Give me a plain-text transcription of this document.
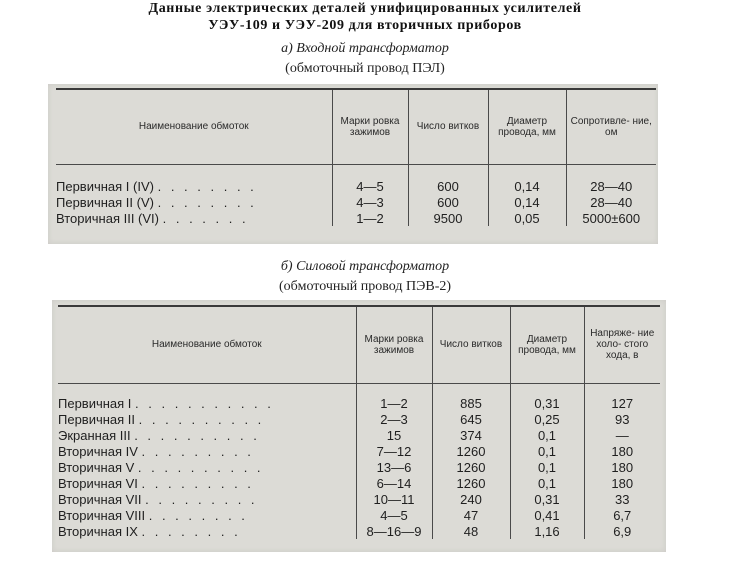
Данные электрических деталей унифицированных усилителей
УЭУ-109 и УЭУ-209 для вторичных приборов
а) Входной трансформатор
(обмоточный провод ПЭЛ)
Наименование обмоток	Марки ровка зажимов	Число витков	Диаметр провода, мм	Сопротивле- ние, ом

Первичная I (IV) . . . . . . . .	4—5	600	0,14	28—40
Первичная II (V) . . . . . . . .	4—3	600	0,14	28—40
Вторичная III (VI) . . . . . . .	1—2	9500	0,05	5000±600
б) Силовой трансформатор
(обмоточный провод ПЭВ-2)
Наименование обмоток	Марки ровка зажимов	Число витков	Диаметр провода, мм	Напряже- ние холо- стого хода, в

Первичная I . . . . . . . . . . .	1—2	885	0,31	127
Первичная II . . . . . . . . . .	2—3	645	0,25	93
Экранная III . . . . . . . . . .	15	374	0,1	—
Вторичная IV . . . . . . . . .	7—12	1260	0,1	180
Вторичная V . . . . . . . . . .	13—6	1260	0,1	180
Вторичная VI . . . . . . . . .	6—14	1260	0,1	180
Вторичная VII . . . . . . . . .	10—11	240	0,31	33
Вторичная VIII . . . . . . . .	4—5	47	0,41	6,7
Вторичная IX . . . . . . . .	8—16—9	48	1,16	6,9
